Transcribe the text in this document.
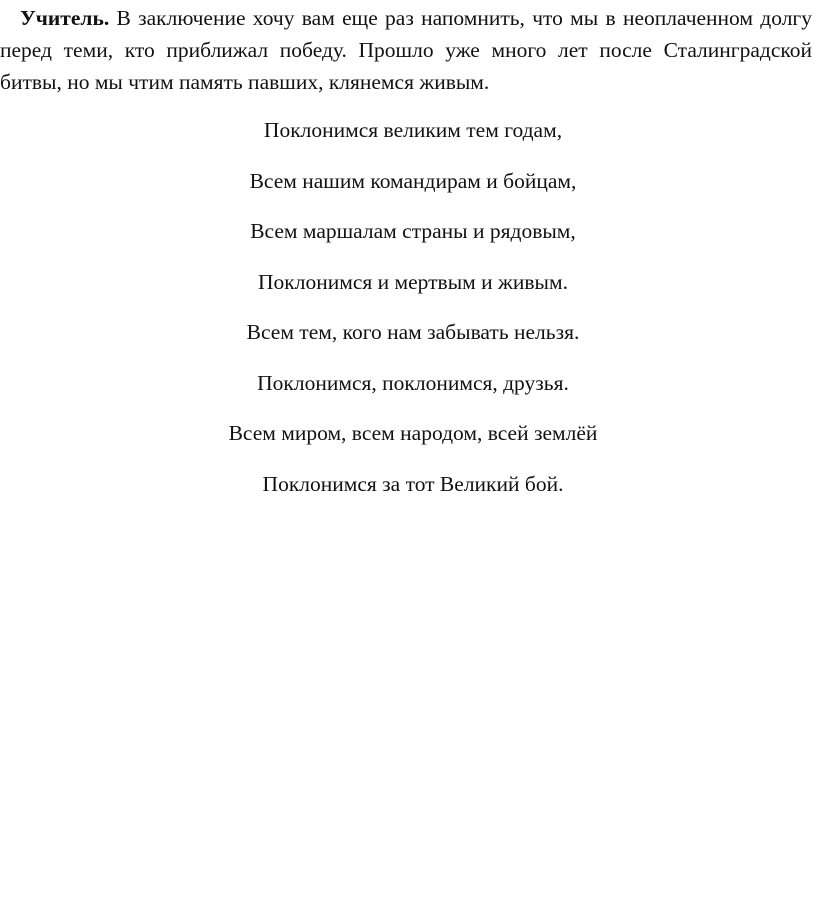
Учитель. В заключение хочу вам еще раз напомнить, что мы в неоплаченном долгу перед теми, кто приближал победу. Прошло уже много лет после Сталинградской битвы, но мы чтим память павших, клянемся живым.

Поклонимся великим тем годам,
Всем нашим командирам и бойцам,
Всем маршалам страны и рядовым,
Поклонимся и мертвым и живым.
Всем тем, кого нам забывать нельзя.
Поклонимся, поклонимся, друзья.
Всем миром, всем народом, всей землёй
Поклонимся за тот Великий бой.
